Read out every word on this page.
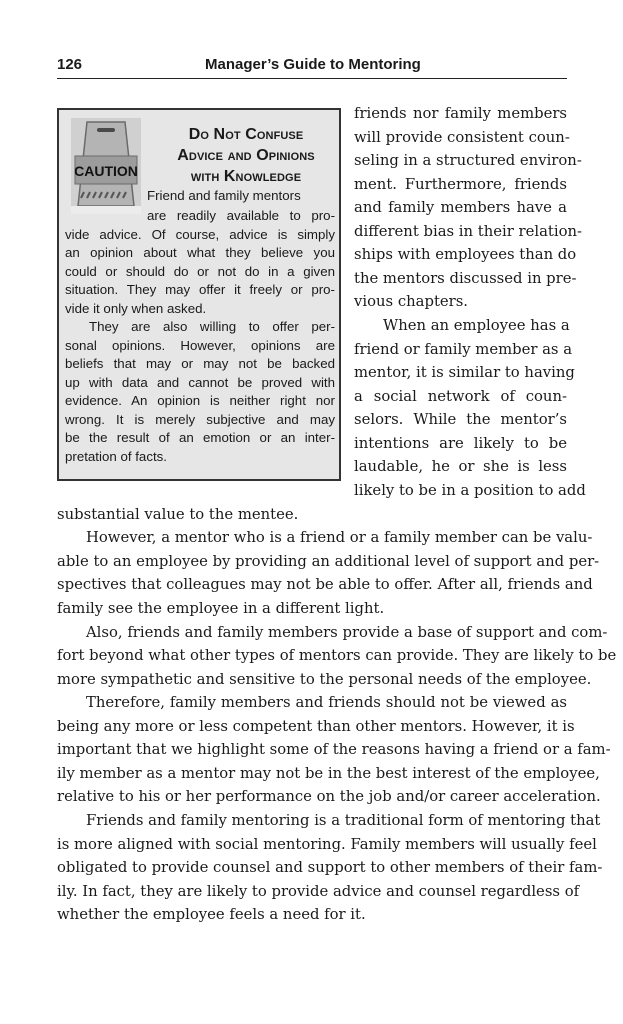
126	Manager’s Guide to Mentoring
CAUTION
Do Not Confuse
Advice and Opinions
with Knowledge
Friend and family mentors
are readily available to pro-
vide advice. Of course, advice is simply
an opinion about what they believe you
could or should do or not do in a given
situation. They may offer it freely or pro-
vide it only when asked.
They are also willing to offer per-
sonal opinions. However, opinions are
beliefs that may or may not be backed
up with data and cannot be proved with
evidence. An opinion is neither right nor
wrong. It is merely subjective and may
be the result of an emotion or an inter-
pretation of facts.
friends nor family members
will provide consistent coun-
seling in a structured environ-
ment. Furthermore, friends
and family members have a
different bias in their relation-
ships with employees than do
the mentors discussed in pre-
vious chapters.
When an employee has a
friend or family member as a
mentor, it is similar to having
a social network of coun-
selors. While the mentor’s
intentions are likely to be
laudable, he or she is less
likely to be in a position to add
substantial value to the mentee.
However, a mentor who is a friend or a family member can be valu-
able to an employee by providing an additional level of support and per-
spectives that colleagues may not be able to offer. After all, friends and
family see the employee in a different light.
Also, friends and family members provide a base of support and com-
fort beyond what other types of mentors can provide. They are likely to be
more sympathetic and sensitive to the personal needs of the employee.
Therefore, family members and friends should not be viewed as
being any more or less competent than other mentors. However, it is
important that we highlight some of the reasons having a friend or a fam-
ily member as a mentor may not be in the best interest of the employee,
relative to his or her performance on the job and/or career acceleration.
Friends and family mentoring is a traditional form of mentoring that
is more aligned with social mentoring. Family members will usually feel
obligated to provide counsel and support to other members of their fam-
ily. In fact, they are likely to provide advice and counsel regardless of
whether the employee feels a need for it.
